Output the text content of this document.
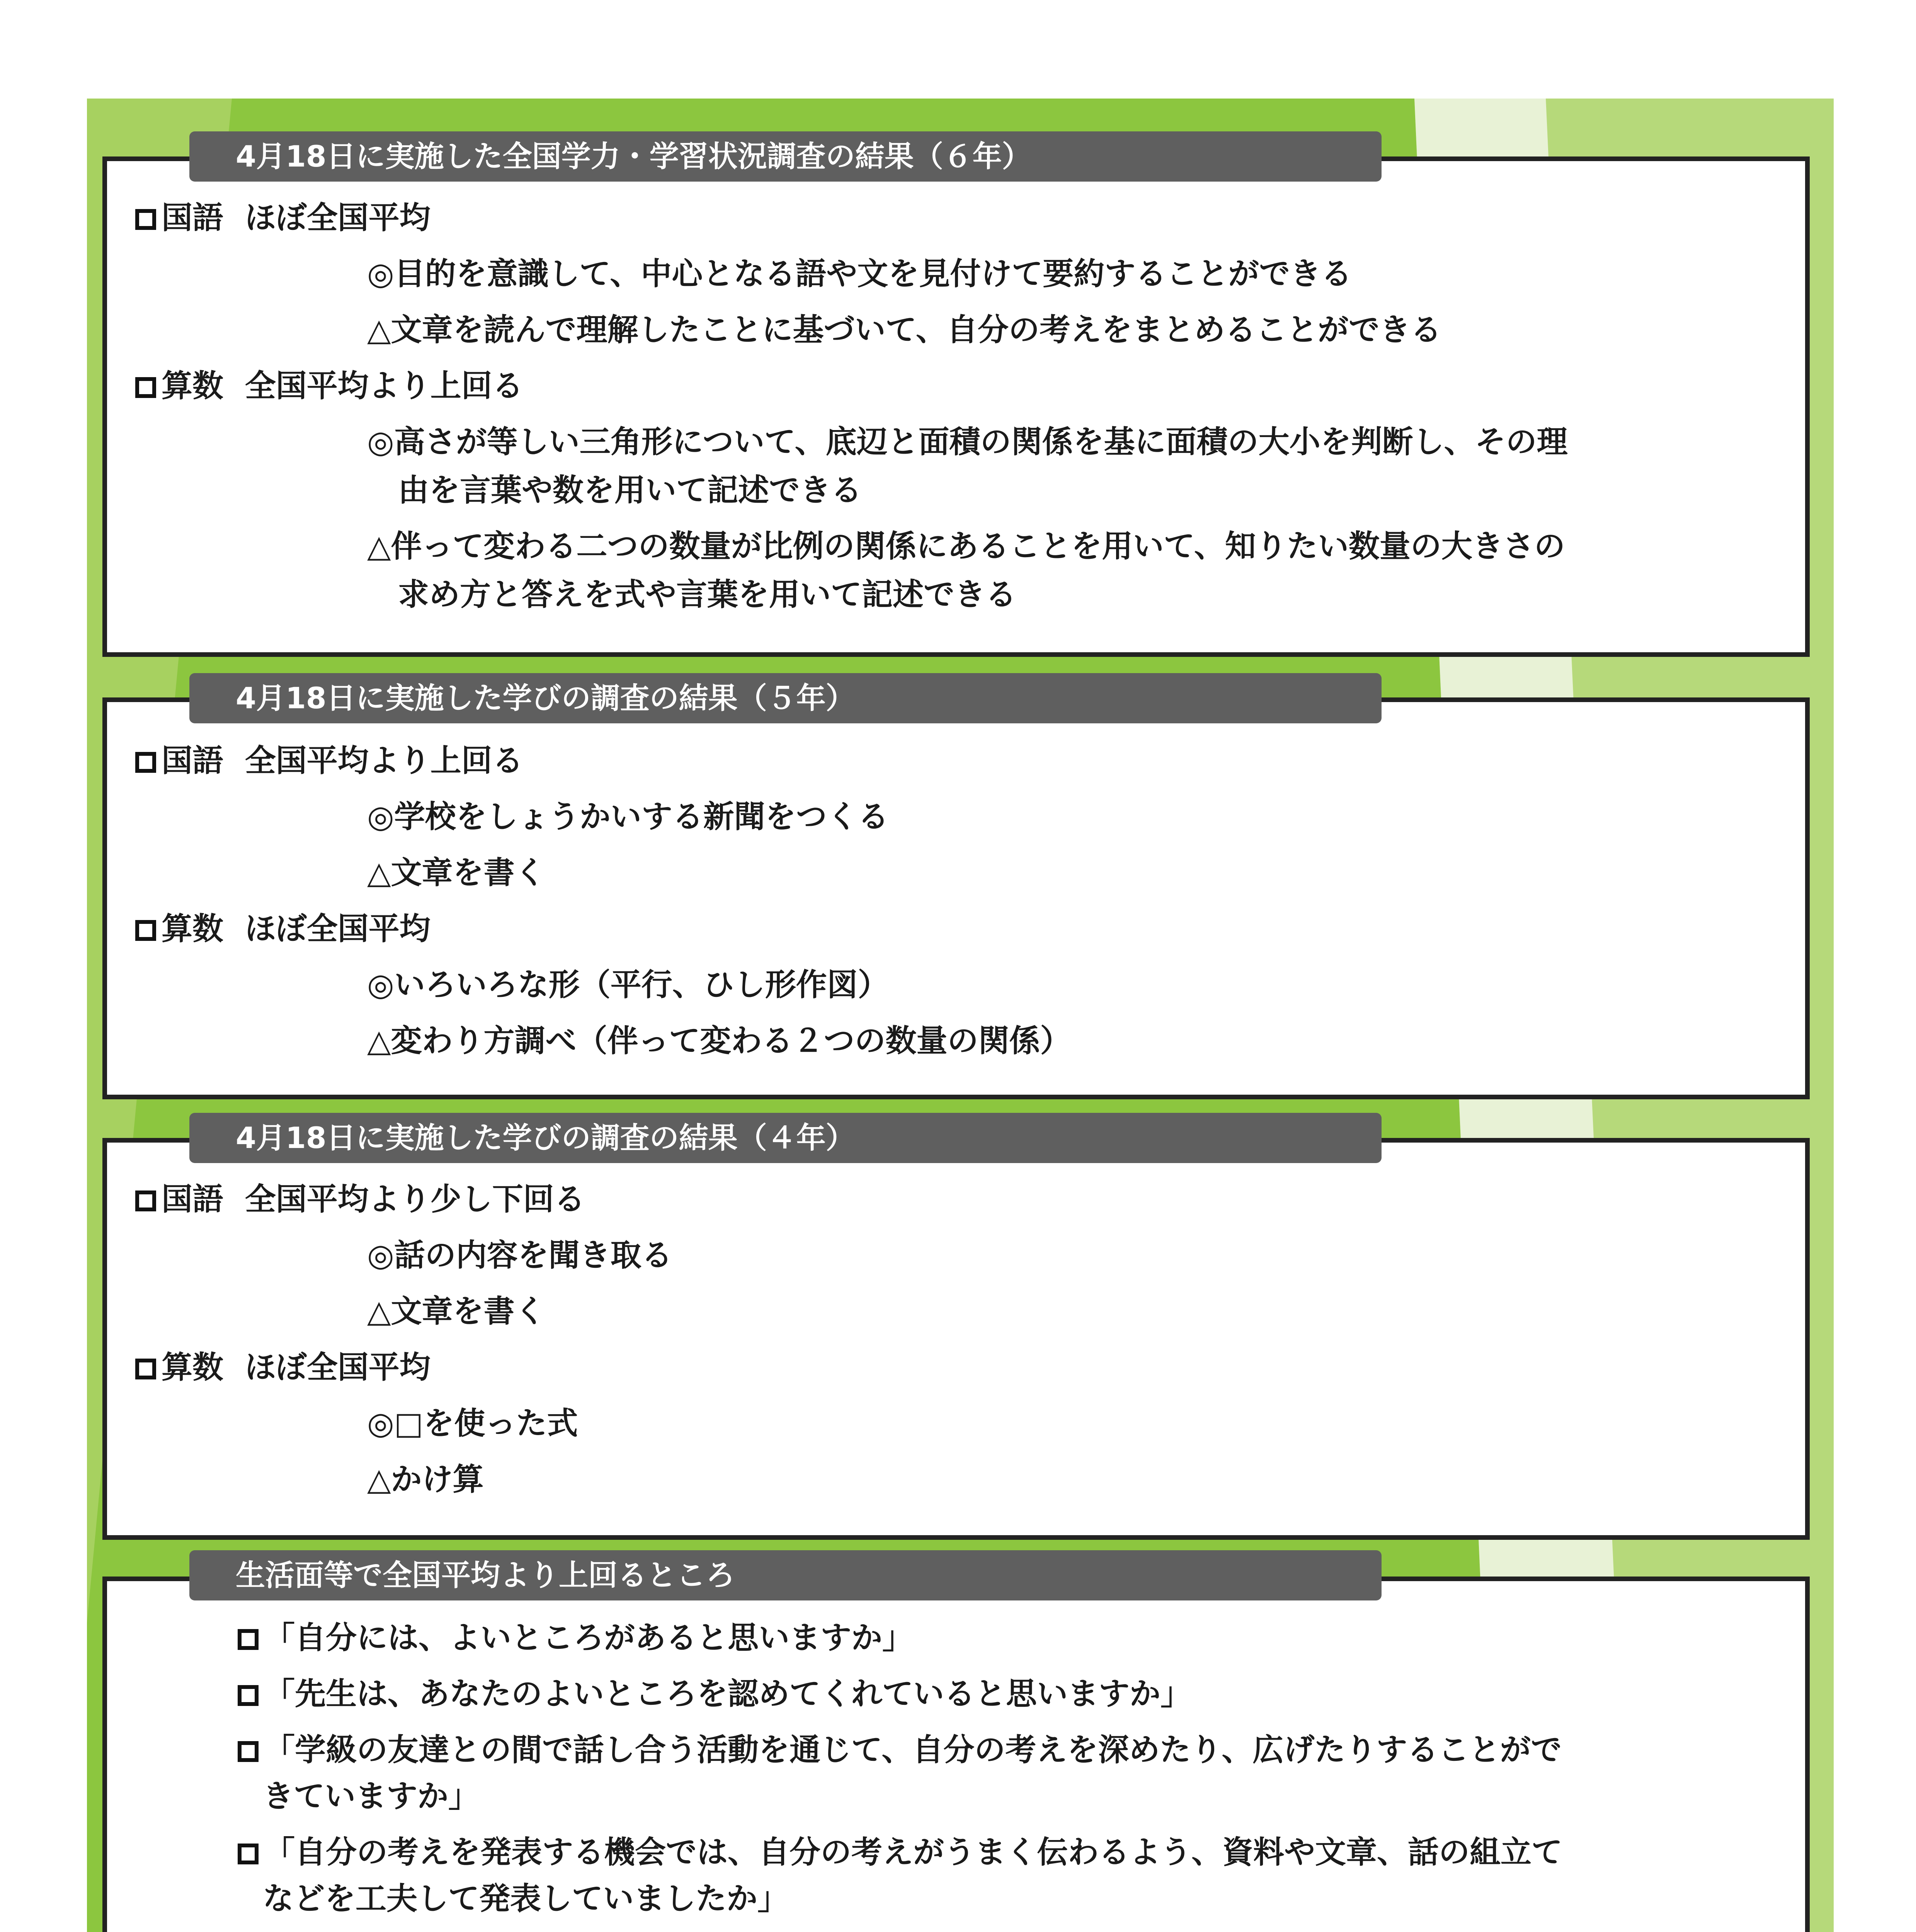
4月18日に実施した全国学力・学習状況調査の結果（６年）
国語 ほぼ全国平均
◎目的を意識して、中心となる語や文を見付けて要約することができる
△文章を読んで理解したことに基づいて、自分の考えをまとめることができる
算数 全国平均より上回る
◎高さが等しい三角形について、底辺と面積の関係を基に面積の大小を判断し、その理
由を言葉や数を用いて記述できる
△伴って変わる二つの数量が比例の関係にあることを用いて、知りたい数量の大きさの
求め方と答えを式や言葉を用いて記述できる
4月18日に実施した学びの調査の結果（５年）
国語 全国平均より上回る
◎学校をしょうかいする新聞をつくる
△文章を書く
算数 ほぼ全国平均
◎いろいろな形（平行、ひし形作図）
△変わり方調べ（伴って変わる２つの数量の関係）
4月18日に実施した学びの調査の結果（４年）
国語 全国平均より少し下回る
◎話の内容を聞き取る
△文章を書く
算数 ほぼ全国平均
◎□を使った式
△かけ算
生活面等で全国平均より上回るところ
「自分には、よいところがあると思いますか」
「先生は、あなたのよいところを認めてくれていると思いますか」
「学級の友達との間で話し合う活動を通じて、自分の考えを深めたり、広げたりすることがで
きていますか」
「自分の考えを発表する機会では、自分の考えがうまく伝わるよう、資料や文章、話の組立て
などを工夫して発表していましたか」
